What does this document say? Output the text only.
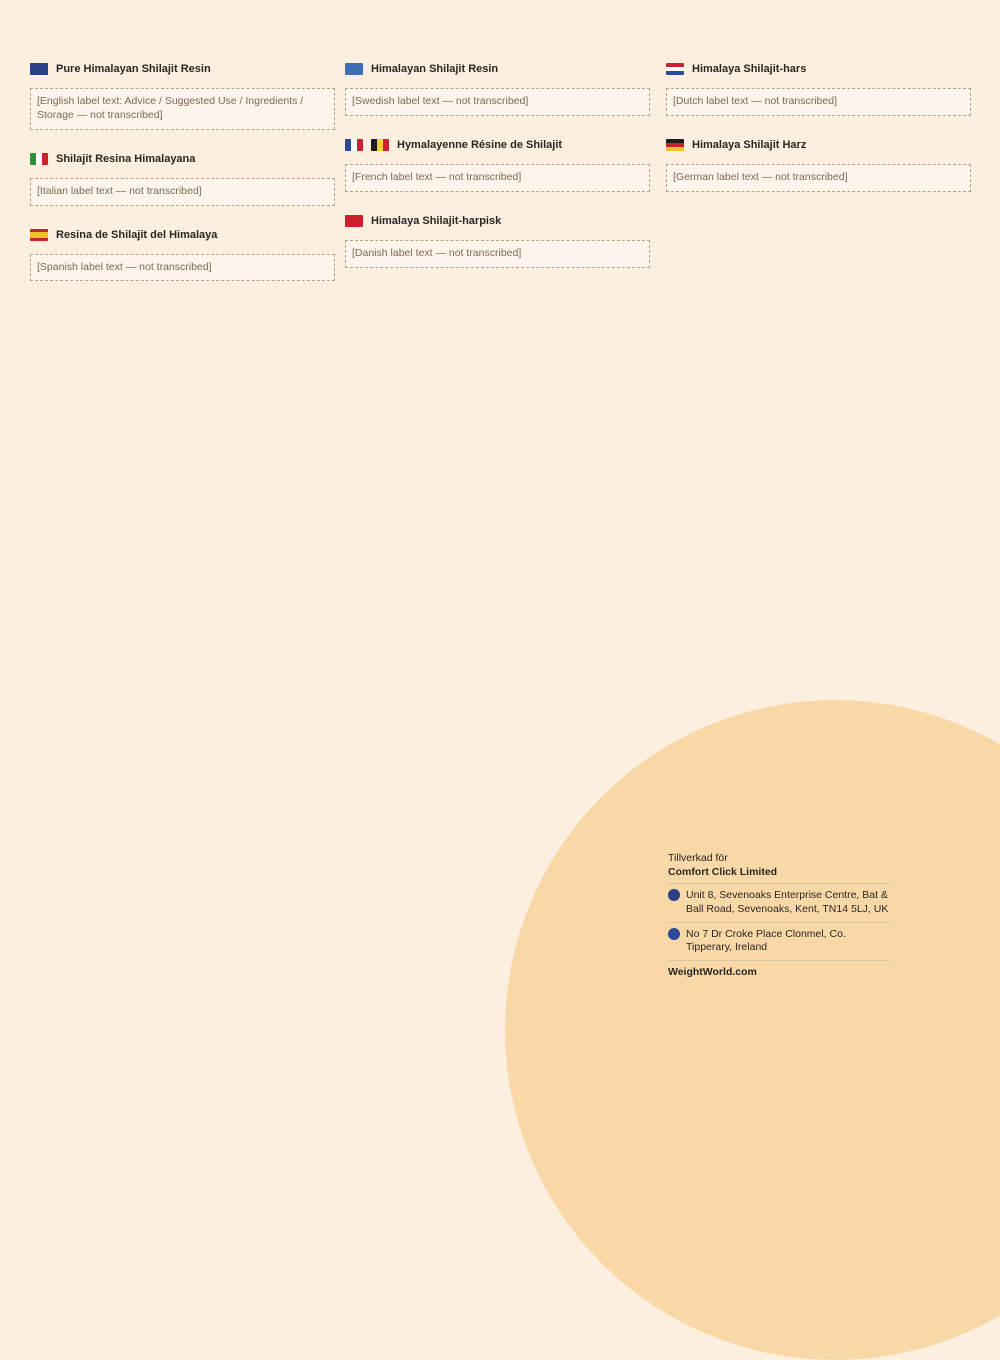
Pure Himalayan Shilajit Resin
[English label text: Advice / Suggested Use / Ingredients / Storage — not transcribed]
Shilajit Resina Himalayana
[Italian label text — not transcribed]
Resina de Shilajit del Himalaya
[Spanish label text — not transcribed]
Himalayan Shilajit Resin
[Swedish label text — not transcribed]
Hymalayenne Résine de Shilajit
[French label text — not transcribed]
Himalaya Shilajit-harpisk
[Danish label text — not transcribed]
Himalaya Shilajit-hars
[Dutch label text — not transcribed]
Himalaya Shilajit Harz
[German label text — not transcribed]
Tillverkad för
Comfort Click Limited
Unit 8, Sevenoaks Enterprise Centre, Bat & Ball Road, Sevenoaks, Kent, TN14 5LJ, UK
No 7 Dr Croke Place Clonmel, Co. Tipperary, Ireland
WeightWorld.com
